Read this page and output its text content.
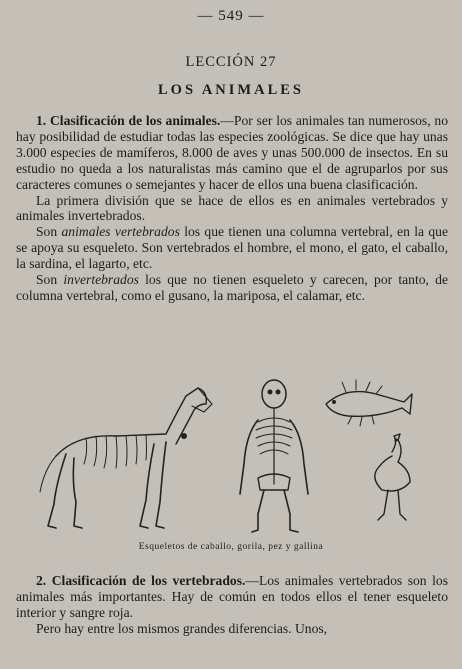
— 549 —
LECCIÓN 27
LOS ANIMALES

1. Clasificación de los animales.—Por ser los animales tan numerosos, no hay posibilidad de estudiar todas las especies zoológicas. Se dice que hay unas 3.000 especies de mamíferos, 8.000 de aves y unas 500.000 de insectos. En su estudio no queda a los naturalistas más camino que el de agruparlos por sus caracteres comunes o semejantes y hacer de ellos una buena clasificación.

La primera división que se hace de ellos es en animales vertebrados y animales invertebrados.

Son animales vertebrados los que tienen una columna vertebral, en la que se apoya su esqueleto. Son vertebrados el hombre, el mono, el gato, el caballo, la sardina, el lagarto, etc.

Son invertebrados los que no tienen esqueleto y carecen, por tanto, de columna vertebral, como el gusano, la mariposa, el calamar, etc.

Esqueletos de caballo, gorila, pez y gallina

2. Clasificación de los vertebrados.—Los animales vertebrados son los animales más importantes. Hay de común en todos ellos el tener esqueleto interior y sangre roja.

Pero hay entre los mismos grandes diferencias. Unos,
